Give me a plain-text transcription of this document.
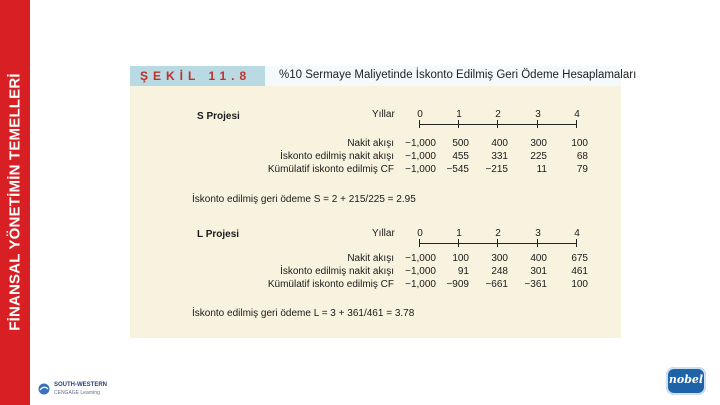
FİNANSAL YÖNETİMİN TEMELLERİ	ŞEKİL 11.8 %10 Sermaye Maliyetinde İskonto Edilmiş Geri Ödeme Hesaplamaları
S Projesi	Yıllar	0	1	2	3	4
Nakit akışı	−1,000	500	400	300	100
İskonto edilmiş nakit akışı	−1,000	455	331	225	68
Kümülatif iskonto edilmiş CF	−1,000	−545	−215	11	79
İskonto edilmiş geri ödeme S = 2 + 215/225 = 2.95
L Projesi	Yıllar	0	1	2	3	4
Nakit akışı	−1,000	100	300	400	675
İskonto edilmiş nakit akışı	−1,000	91	248	301	461
Kümülatif iskonto edilmiş CF	−1,000	−909	−661	−361	100
İskonto edilmiş geri ödeme L = 3 + 361/461 = 3.78
SOUTH-WESTERN
CENGAGE Learning
nobel
